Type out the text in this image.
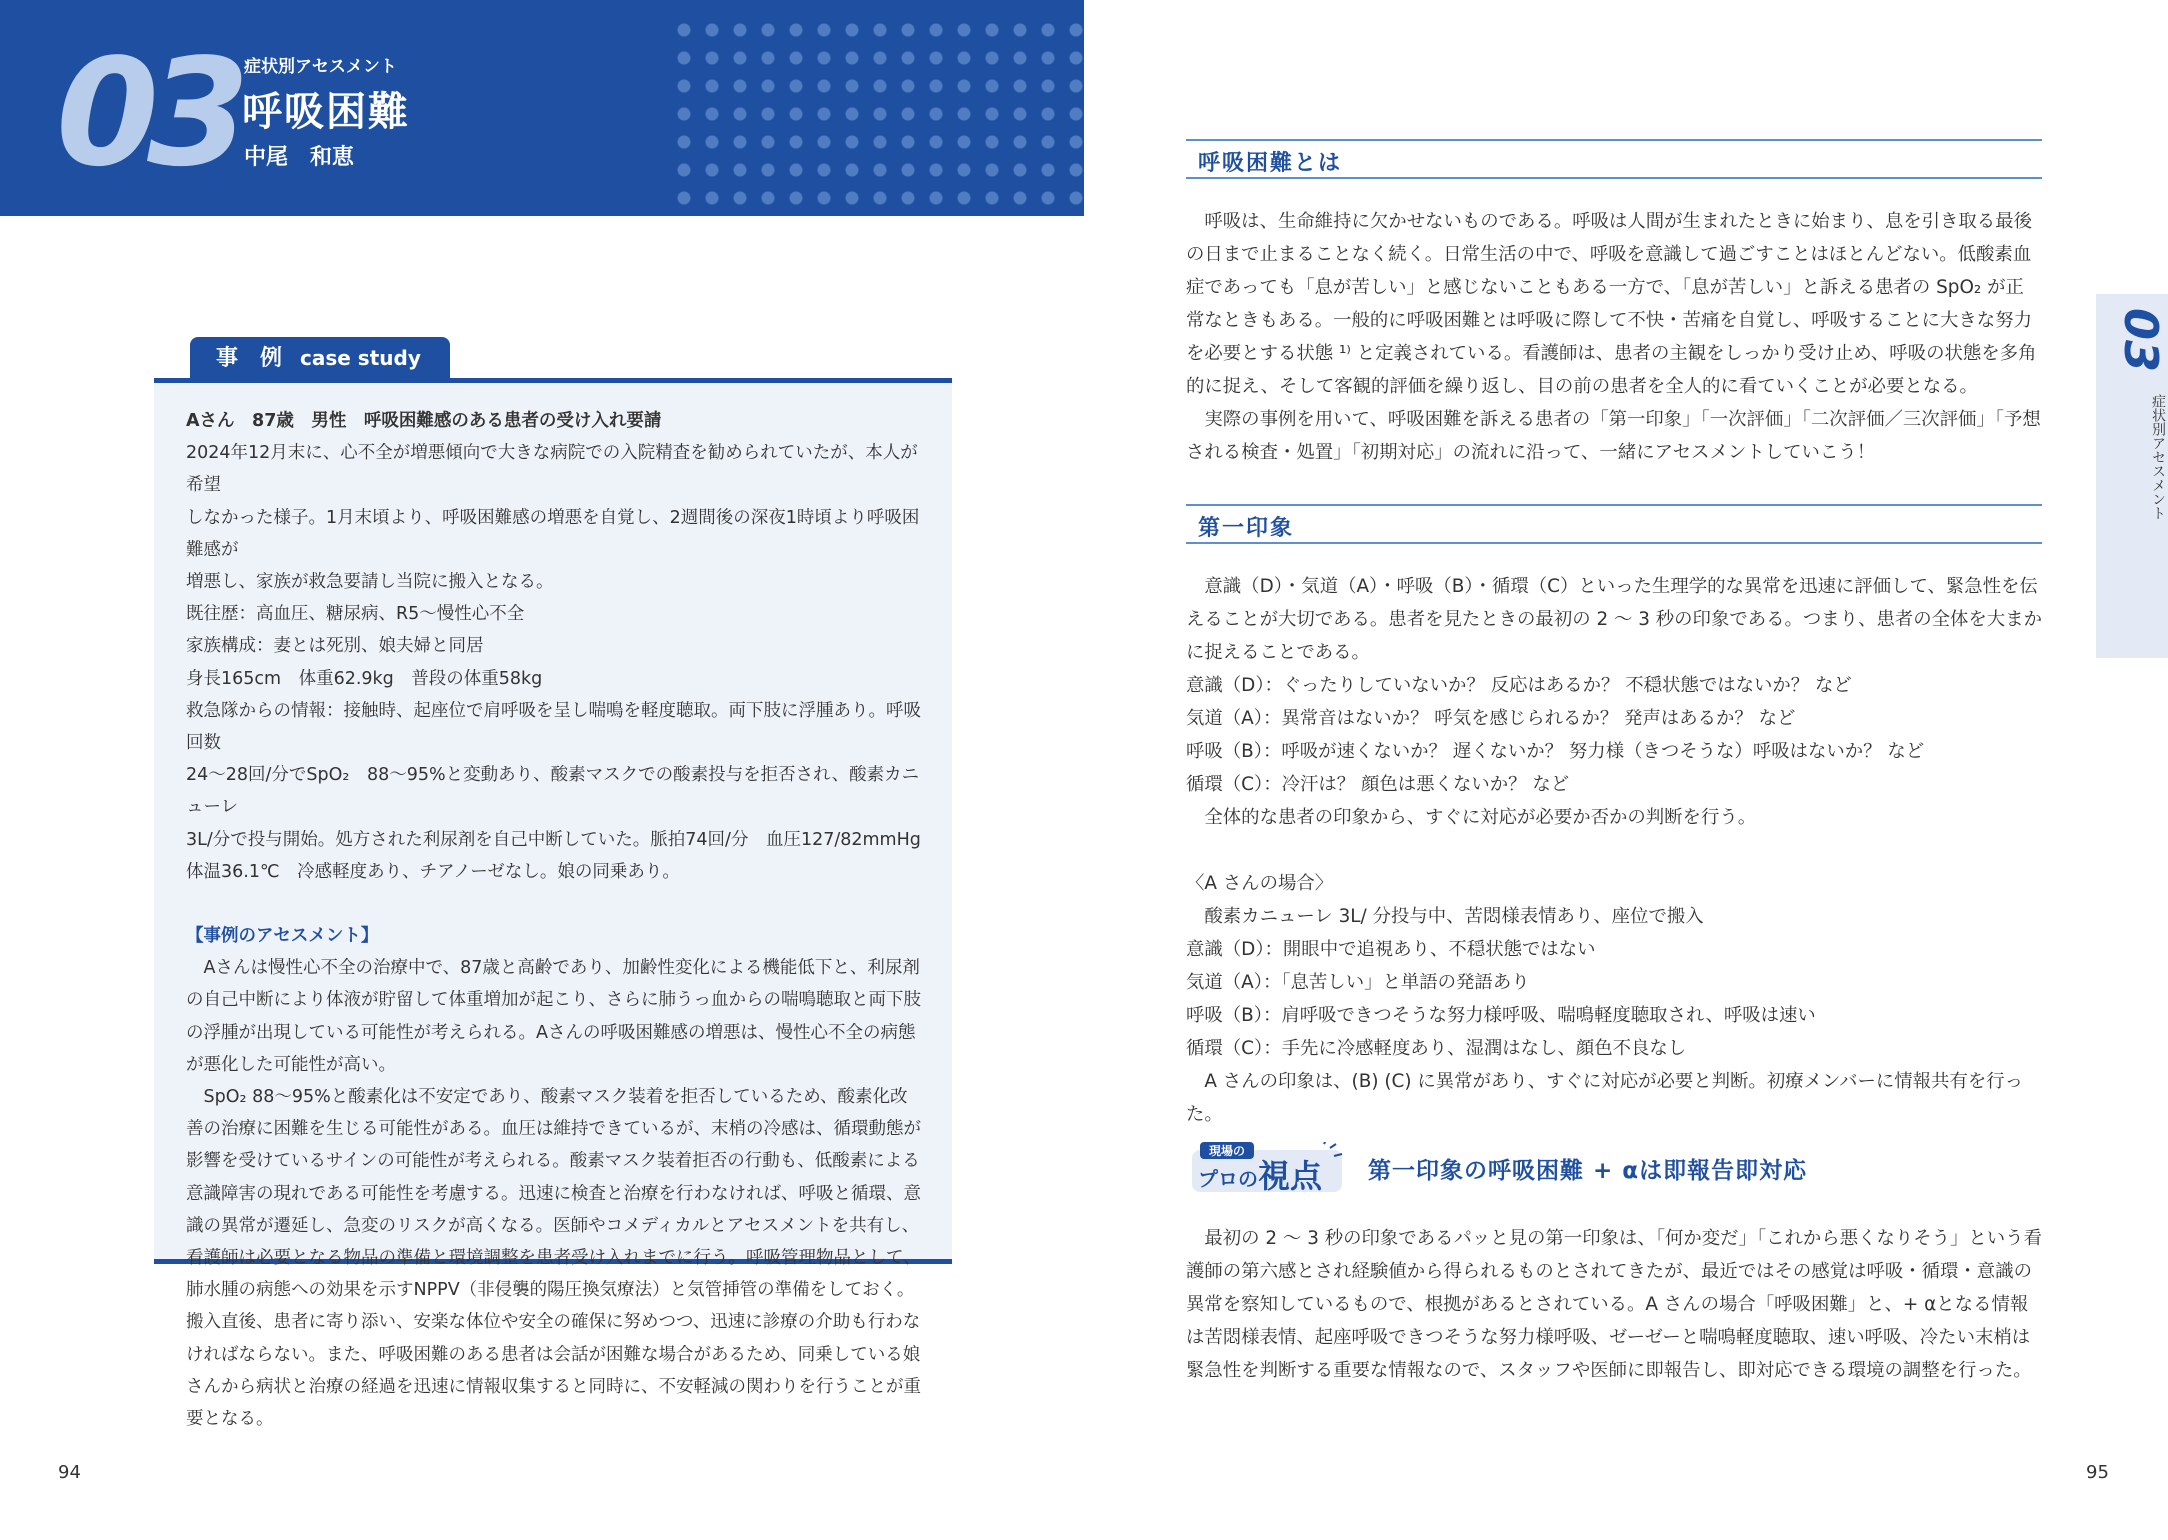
03 症状別アセスメント
呼吸困難
中尾　和恵
事　例 case study
Aさん　87歳　男性　呼吸困難感のある患者の受け入れ要請
2024年12月末に、心不全が増悪傾向で大きな病院での入院精査を勧められていたが、本人が希望
しなかった様子。1月末頃より、呼吸困難感の増悪を自覚し、2週間後の深夜1時頃より呼吸困難感が
増悪し、家族が救急要請し当院に搬入となる。
既往歴：高血圧、糖尿病、R5〜慢性心不全
家族構成：妻とは死別、娘夫婦と同居
身長165cm　体重62.9kg　普段の体重58kg
救急隊からの情報：接触時、起座位で肩呼吸を呈し喘鳴を軽度聴取。両下肢に浮腫あり。呼吸回数
24〜28回/分でSpO₂　88〜95%と変動あり、酸素マスクでの酸素投与を拒否され、酸素カニューレ
3L/分で投与開始。処方された利尿剤を自己中断していた。脈拍74回/分　血圧127/82mmHg
体温36.1℃　冷感軽度あり、チアノーゼなし。娘の同乗あり。
【事例のアセスメント】
Aさんは慢性心不全の治療中で、87歳と高齢であり、加齢性変化による機能低下と、利尿剤の自己中断により体液が貯留して体重増加が起こり、さらに肺うっ血からの喘鳴聴取と両下肢の浮腫が出現している可能性が考えられる。Aさんの呼吸困難感の増悪は、慢性心不全の病態が悪化した可能性が高い。
SpO₂ 88〜95%と酸素化は不安定であり、酸素マスク装着を拒否しているため、酸素化改善の治療に困難を生じる可能性がある。血圧は維持できているが、末梢の冷感は、循環動態が影響を受けているサインの可能性が考えられる。酸素マスク装着拒否の行動も、低酸素による意識障害の現れである可能性を考慮する。迅速に検査と治療を行わなければ、呼吸と循環、意識の異常が遷延し、急変のリスクが高くなる。医師やコメディカルとアセスメントを共有し、看護師は必要となる物品の準備と環境調整を患者受け入れまでに行う。呼吸管理物品として、肺水腫の病態への効果を示すNPPV（非侵襲的陽圧換気療法）と気管挿管の準備をしておく。搬入直後、患者に寄り添い、安楽な体位や安全の確保に努めつつ、迅速に診療の介助も行わなければならない。また、呼吸困難のある患者は会話が困難な場合があるため、同乗している娘さんから病状と治療の経過を迅速に情報収集すると同時に、不安軽減の関わりを行うことが重要となる。
94
呼吸困難とは

呼吸は、生命維持に欠かせないものである。呼吸は人間が生まれたときに始まり、息を引き取る最後の日まで止まることなく続く。日常生活の中で、呼吸を意識して過ごすことはほとんどない。低酸素血症であっても「息が苦しい」と感じないこともある一方で、「息が苦しい」と訴える患者の SpO₂ が正常なときもある。一般的に呼吸困難とは呼吸に際して不快・苦痛を自覚し、呼吸することに大きな努力を必要とする状態 ¹⁾ と定義されている。看護師は、患者の主観をしっかり受け止め、呼吸の状態を多角的に捉え、そして客観的評価を繰り返し、目の前の患者を全人的に看ていくことが必要となる。

実際の事例を用いて、呼吸困難を訴える患者の「第一印象」「一次評価」「二次評価／三次評価」「予想される検査・処置」「初期対応」の流れに沿って、一緒にアセスメントしていこう！

第一印象

意識（D）・気道（A）・呼吸（B）・循環（C）といった生理学的な異常を迅速に評価して、緊急性を伝えることが大切である。患者を見たときの最初の 2 〜 3 秒の印象である。つまり、患者の全体を大まかに捉えることである。

意識（D）：ぐったりしていないか？ 反応はあるか？ 不穏状態ではないか？ など

気道（A）：異常音はないか？ 呼気を感じられるか？ 発声はあるか？ など

呼吸（B）：呼吸が速くないか？ 遅くないか？ 努力様（きつそうな）呼吸はないか？ など

循環（C）：冷汗は？ 顔色は悪くないか？ など

全体的な患者の印象から、すぐに対応が必要か否かの判断を行う。

〈A さんの場合〉

酸素カニューレ 3L/ 分投与中、苦悶様表情あり、座位で搬入

意識（D）：開眼中で追視あり、不穏状態ではない

気道（A）：「息苦しい」と単語の発語あり

呼吸（B）：肩呼吸できつそうな努力様呼吸、喘鳴軽度聴取され、呼吸は速い

循環（C）：手先に冷感軽度あり、湿潤はなし、顔色不良なし

A さんの印象は、(B) (C) に異常があり、すぐに対応が必要と判断。初療メンバーに情報共有を行った。

現場の
プロの 視点 第一印象の呼吸困難 + αは即報告即対応

最初の 2 〜 3 秒の印象であるパッと見の第一印象は、「何か変だ」「これから悪くなりそう」という看護師の第六感とされ経験値から得られるものとされてきたが、最近ではその感覚は呼吸・循環・意識の異常を察知しているもので、根拠があるとされている。A さんの場合「呼吸困難」と、+ αとなる情報は苦悶様表情、起座呼吸できつそうな努力様呼吸、ゼーゼーと喘鳴軽度聴取、速い呼吸、冷たい末梢は緊急性を判断する重要な情報なので、スタッフや医師に即報告し、即対応できる環境の調整を行った。

03
症状別アセスメント
95
